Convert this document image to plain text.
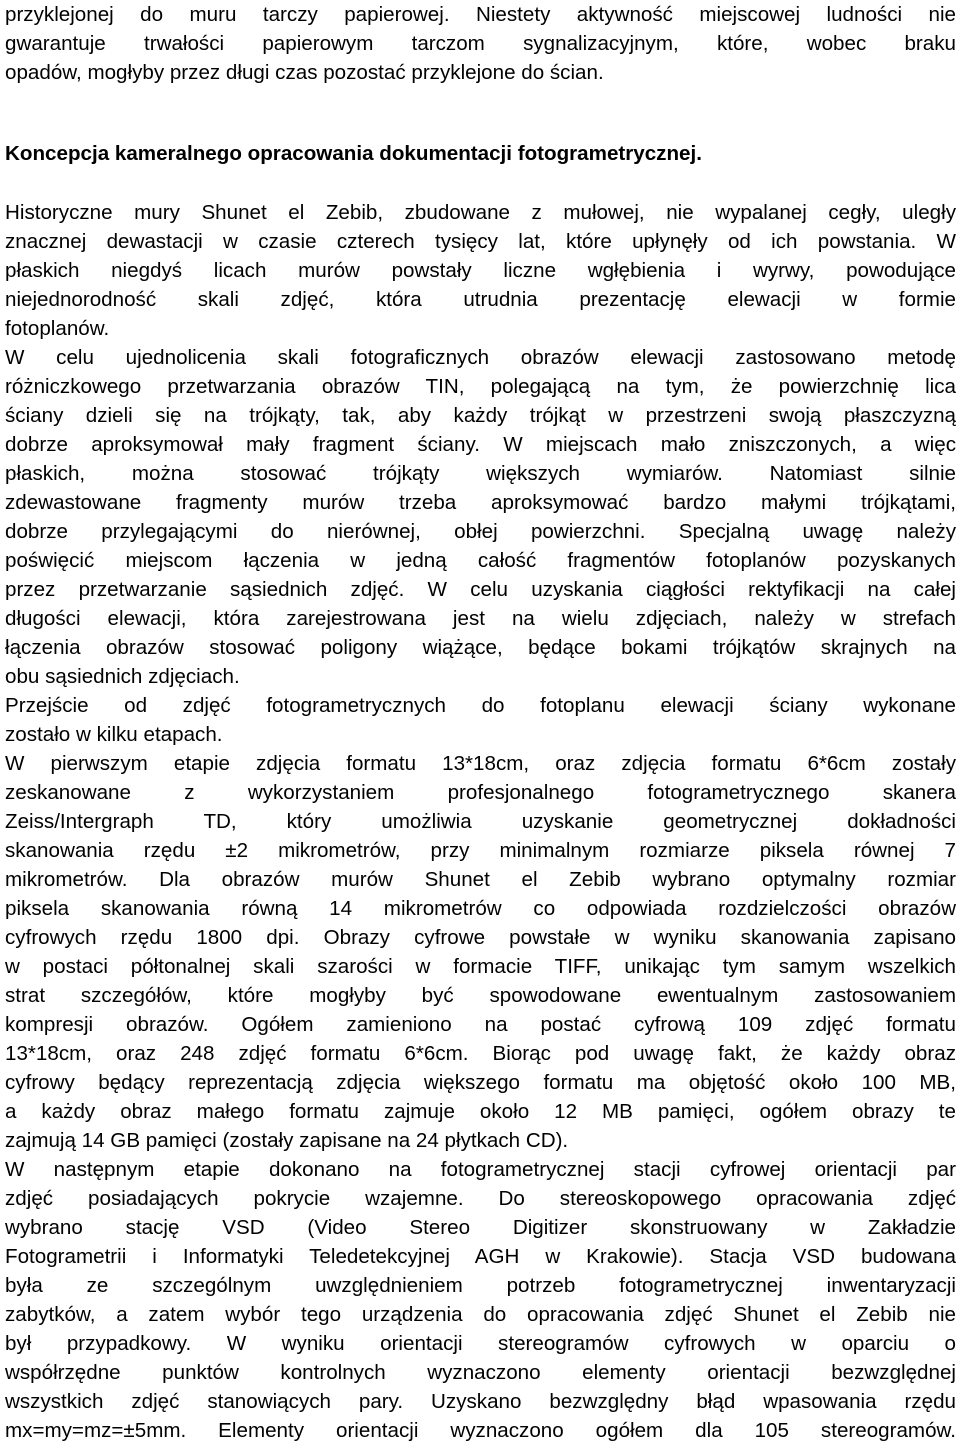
przyklejonej do muru tarczy papierowej. Niestety aktywność miejscowej ludności nie
gwarantuje trwałości papierowym tarczom sygnalizacyjnym, które, wobec braku
opadów, mogłyby przez długi czas pozostać przyklejone do ścian.
Koncepcja kameralnego opracowania dokumentacji fotogrametrycznej.
Historyczne mury Shunet el Zebib, zbudowane z mułowej, nie wypalanej cegły, uległy
znacznej dewastacji w czasie czterech tysięcy lat, które upłynęły od ich powstania. W
płaskich niegdyś licach murów powstały liczne wgłębienia i wyrwy, powodujące
niejednorodność skali zdjęć, która utrudnia prezentację elewacji w formie
fotoplanów.
W celu ujednolicenia skali fotograficznych obrazów elewacji zastosowano metodę
różniczkowego przetwarzania obrazów TIN, polegającą na tym, że powierzchnię lica
ściany dzieli się na trójkąty, tak, aby każdy trójkąt w przestrzeni swoją płaszczyzną
dobrze aproksymował mały fragment ściany. W miejscach mało zniszczonych, a więc
płaskich, można stosować trójkąty większych wymiarów. Natomiast silnie
zdewastowane fragmenty murów trzeba aproksymować bardzo małymi trójkątami,
dobrze przylegającymi do nierównej, obłej powierzchni. Specjalną uwagę należy
poświęcić miejscom łączenia w jedną całość fragmentów fotoplanów pozyskanych
przez przetwarzanie sąsiednich zdjęć. W celu uzyskania ciągłości rektyfikacji na całej
długości elewacji, która zarejestrowana jest na wielu zdjęciach, należy w strefach
łączenia obrazów stosować poligony wiążące, będące bokami trójkątów skrajnych na
obu sąsiednich zdjęciach.
Przejście od zdjęć fotogrametrycznych do fotoplanu elewacji ściany wykonane
zostało w kilku etapach.
W pierwszym etapie zdjęcia formatu 13*18cm, oraz zdjęcia formatu 6*6cm zostały
zeskanowane z wykorzystaniem profesjonalnego fotogrametrycznego skanera
Zeiss/Intergraph TD, który umożliwia uzyskanie geometrycznej dokładności
skanowania rzędu ±2 mikrometrów, przy minimalnym rozmiarze piksela równej 7
mikrometrów. Dla obrazów murów Shunet el Zebib wybrano optymalny rozmiar
piksela skanowania równą 14 mikrometrów co odpowiada rozdzielczości obrazów
cyfrowych rzędu 1800 dpi. Obrazy cyfrowe powstałe w wyniku skanowania zapisano
w postaci półtonalnej skali szarości w formacie TIFF, unikając tym samym wszelkich
strat szczegółów, które mogłyby być spowodowane ewentualnym zastosowaniem
kompresji obrazów. Ogółem zamieniono na postać cyfrową 109 zdjęć formatu
13*18cm, oraz 248 zdjęć formatu 6*6cm. Biorąc pod uwagę fakt, że każdy obraz
cyfrowy będący reprezentacją zdjęcia większego formatu ma objętość około 100 MB,
a każdy obraz małego formatu zajmuje około 12 MB pamięci, ogółem obrazy te
zajmują 14 GB pamięci (zostały zapisane na 24 płytkach CD).
W następnym etapie dokonano na fotogrametrycznej stacji cyfrowej orientacji par
zdjęć posiadających pokrycie wzajemne. Do stereoskopowego opracowania zdjęć
wybrano stację VSD (Video Stereo Digitizer skonstruowany w Zakładzie
Fotogrametrii i Informatyki Teledetekcyjnej AGH w Krakowie). Stacja VSD budowana
była ze szczególnym uwzględnieniem potrzeb fotogrametrycznej inwentaryzacji
zabytków, a zatem wybór tego urządzenia do opracowania zdjęć Shunet el Zebib nie
był przypadkowy. W wyniku orientacji stereogramów cyfrowych w oparciu o
współrzędne punktów kontrolnych wyznaczono elementy orientacji bezwzględnej
wszystkich zdjęć stanowiących pary. Uzyskano bezwzględny błąd wpasowania rzędu
mx=my=mz=±5mm. Elementy orientacji wyznaczono ogółem dla 105 stereogramów.
